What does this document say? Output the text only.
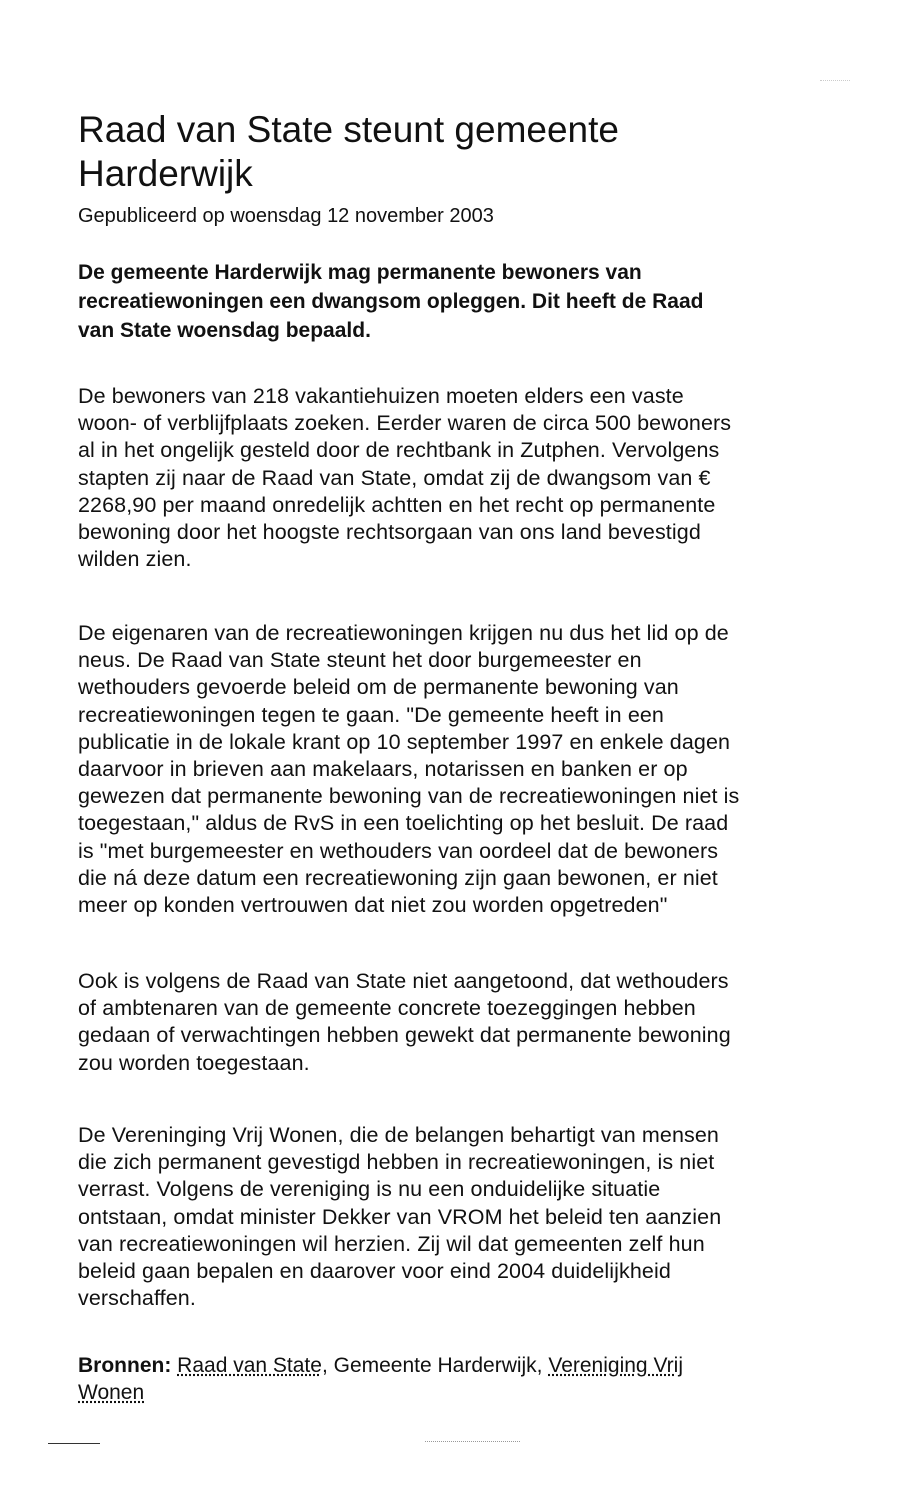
Raad van State steunt gemeente
Harderwijk
Gepubliceerd op woensdag 12 november 2003
De gemeente Harderwijk mag permanente bewoners van
recreatiewoningen een dwangsom opleggen. Dit heeft de Raad
van State woensdag bepaald.
De bewoners van 218 vakantiehuizen moeten elders een vaste
woon- of verblijfplaats zoeken. Eerder waren de circa 500 bewoners
al in het ongelijk gesteld door de rechtbank in Zutphen. Vervolgens
stapten zij naar de Raad van State, omdat zij de dwangsom van €
2268,90 per maand onredelijk achtten en het recht op permanente
bewoning door het hoogste rechtsorgaan van ons land bevestigd
wilden zien.
De eigenaren van de recreatiewoningen krijgen nu dus het lid op de
neus. De Raad van State steunt het door burgemeester en
wethouders gevoerde beleid om de permanente bewoning van
recreatiewoningen tegen te gaan. "De gemeente heeft in een
publicatie in de lokale krant op 10 september 1997 en enkele dagen
daarvoor in brieven aan makelaars, notarissen en banken er op
gewezen dat permanente bewoning van de recreatiewoningen niet is
toegestaan," aldus de RvS in een toelichting op het besluit. De raad
is "met burgemeester en wethouders van oordeel dat de bewoners
die ná deze datum een recreatiewoning zijn gaan bewonen, er niet
meer op konden vertrouwen dat niet zou worden opgetreden"
Ook is volgens de Raad van State niet aangetoond, dat wethouders
of ambtenaren van de gemeente concrete toezeggingen hebben
gedaan of verwachtingen hebben gewekt dat permanente bewoning
zou worden toegestaan.
De Vereninging Vrij Wonen, die de belangen behartigt van mensen
die zich permanent gevestigd hebben in recreatiewoningen, is niet
verrast. Volgens de vereniging is nu een onduidelijke situatie
ontstaan, omdat minister Dekker van VROM het beleid ten aanzien
van recreatiewoningen wil herzien. Zij wil dat gemeenten zelf hun
beleid gaan bepalen en daarover voor eind 2004 duidelijkheid
verschaffen.
Bronnen: Raad van State, Gemeente Harderwijk, Vereniging Vrij
Wonen
